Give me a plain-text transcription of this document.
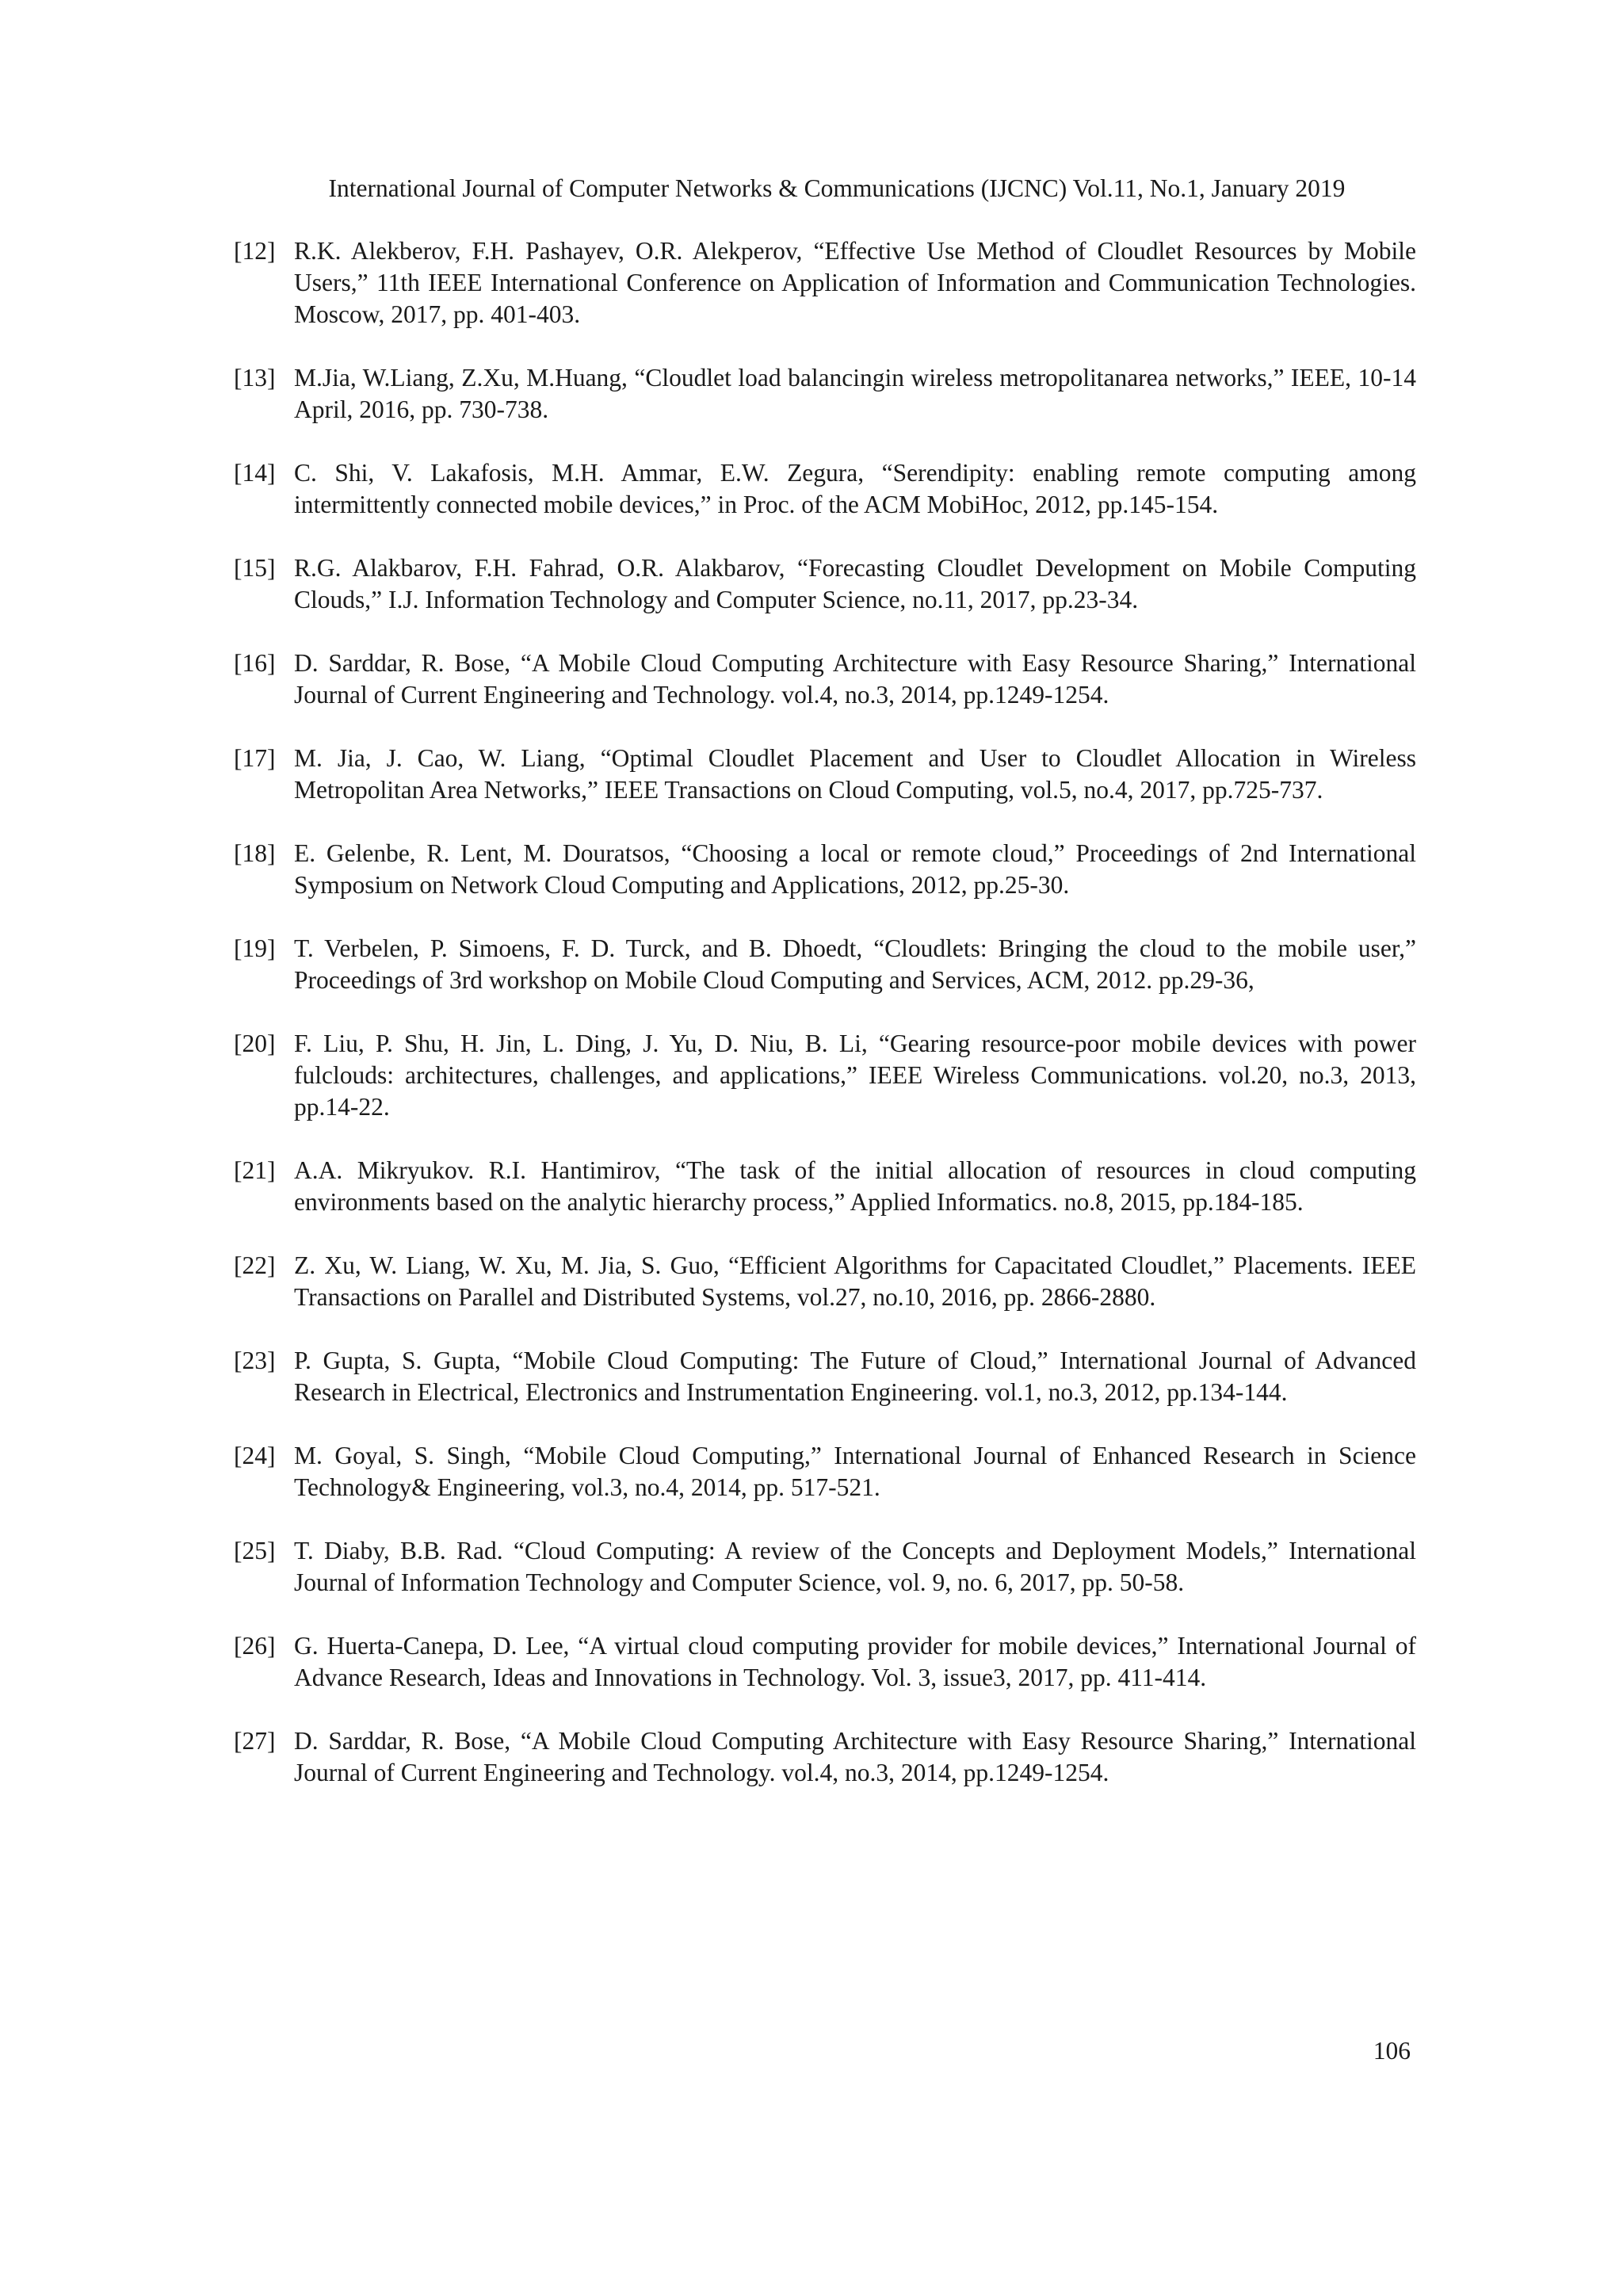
International Journal of Computer Networks & Communications (IJCNC) Vol.11, No.1, January 2019
[12] R.K. Alekberov, F.H. Pashayev, O.R. Alekperov, “Effective Use Method of Cloudlet Resources by Mobile Users,” 11th IEEE International Conference on Application of Information and Communication Technologies. Moscow, 2017, pp. 401-403.
[13] M.Jia, W.Liang, Z.Xu, M.Huang, “Cloudlet load balancingin wireless metropolitanarea networks,” IEEE, 10-14 April, 2016, pp. 730-738.
[14] C. Shi, V. Lakafosis, M.H. Ammar, E.W. Zegura, “Serendipity: enabling remote computing among intermittently connected mobile devices,” in Proc. of the ACM MobiHoc, 2012, pp.145-154.
[15] R.G. Alakbarov, F.H. Fahrad, O.R. Alakbarov, “Forecasting Cloudlet Development on Mobile Computing Clouds,” I.J. Information Technology and Computer Science, no.11, 2017, pp.23-34.
[16] D. Sarddar, R. Bose, “A Mobile Cloud Computing Architecture with Easy Resource Sharing,” International Journal of Current Engineering and Technology. vol.4, no.3, 2014, pp.1249-1254.
[17] M. Jia, J. Cao, W. Liang, “Optimal Cloudlet Placement and User to Cloudlet Allocation in Wireless Metropolitan Area Networks,” IEEE Transactions on Cloud Computing, vol.5, no.4, 2017, pp.725-737.
[18] E. Gelenbe, R. Lent, M. Douratsos, “Choosing a local or remote cloud,” Proceedings of 2nd International Symposium on Network Cloud Computing and Applications, 2012, pp.25-30.
[19] T. Verbelen, P. Simoens, F. D. Turck, and B. Dhoedt, “Cloudlets: Bringing the cloud to the mobile user,” Proceedings of 3rd workshop on Mobile Cloud Computing and Services, ACM, 2012. pp.29-36,
[20] F. Liu, P. Shu, H. Jin, L. Ding, J. Yu, D. Niu, B. Li, “Gearing resource-poor mobile devices with power fulclouds: architectures, challenges, and applications,” IEEE Wireless Communications. vol.20, no.3, 2013, pp.14-22.
[21] A.A. Mikryukov. R.I. Hantimirov, “The task of the initial allocation of resources in cloud computing environments based on the analytic hierarchy process,” Applied Informatics. no.8, 2015, pp.184-185.
[22] Z. Xu, W. Liang, W. Xu, M. Jia, S. Guo, “Efficient Algorithms for Capacitated Cloudlet,” Placements. IEEE Transactions on Parallel and Distributed Systems, vol.27, no.10, 2016, pp. 2866-2880.
[23] P. Gupta, S. Gupta, “Mobile Cloud Computing: The Future of Cloud,” International Journal of Advanced Research in Electrical, Electronics and Instrumentation Engineering. vol.1, no.3, 2012, pp.134-144.
[24] M. Goyal, S. Singh, “Mobile Cloud Computing,” International Journal of Enhanced Research in Science Technology& Engineering, vol.3, no.4, 2014, pp. 517-521.
[25] T. Diaby, B.B. Rad. “Cloud Computing: A review of the Concepts and Deployment Models,” International Journal of Information Technology and Computer Science, vol. 9, no. 6, 2017, pp. 50-58.
[26] G. Huerta-Canepa, D. Lee, “A virtual cloud computing provider for mobile devices,” International Journal of Advance Research, Ideas and Innovations in Technology. Vol. 3, issue3, 2017, pp. 411-414.
[27] D. Sarddar, R. Bose, “A Mobile Cloud Computing Architecture with Easy Resource Sharing,” International Journal of Current Engineering and Technology. vol.4, no.3, 2014, pp.1249-1254.
106
